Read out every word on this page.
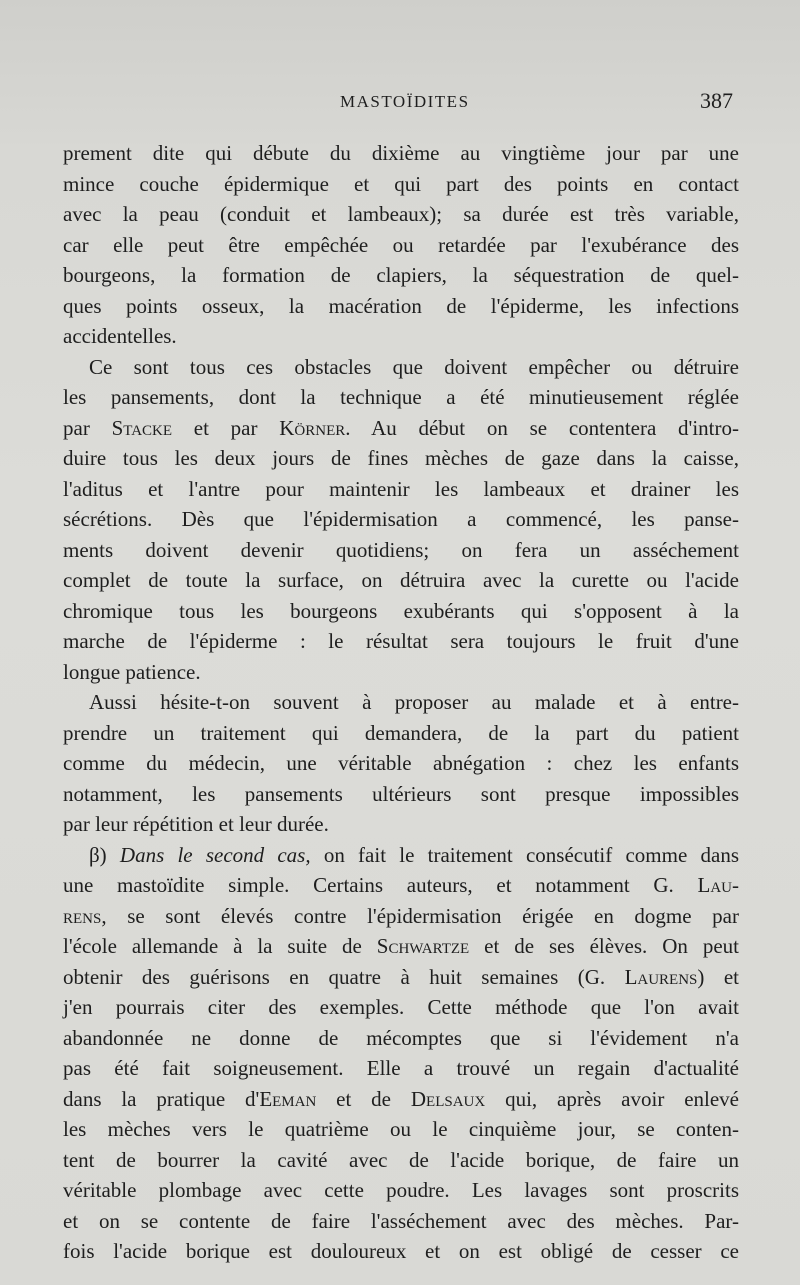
MASTOÏDITES	387
prement dite qui débute du dixième au vingtième jour par une
mince couche épidermique et qui part des points en contact
avec la peau (conduit et lambeaux); sa durée est très variable,
car elle peut être empêchée ou retardée par l'exubérance des
bourgeons, la formation de clapiers, la séquestration de quel-
ques points osseux, la macération de l'épiderme, les infections
accidentelles.
Ce sont tous ces obstacles que doivent empêcher ou détruire
les pansements, dont la technique a été minutieusement réglée
par Stacke et par Körner. Au début on se contentera d'intro-
duire tous les deux jours de fines mèches de gaze dans la caisse,
l'aditus et l'antre pour maintenir les lambeaux et drainer les
sécrétions. Dès que l'épidermisation a commencé, les panse-
ments doivent devenir quotidiens; on fera un asséchement
complet de toute la surface, on détruira avec la curette ou l'acide
chromique tous les bourgeons exubérants qui s'opposent à la
marche de l'épiderme : le résultat sera toujours le fruit d'une
longue patience.
Aussi hésite-t-on souvent à proposer au malade et à entre-
prendre un traitement qui demandera, de la part du patient
comme du médecin, une véritable abnégation : chez les enfants
notamment, les pansements ultérieurs sont presque impossibles
par leur répétition et leur durée.
β) Dans le second cas, on fait le traitement consécutif comme dans
une mastoïdite simple. Certains auteurs, et notamment G. Lau-
rens, se sont élevés contre l'épidermisation érigée en dogme par
l'école allemande à la suite de Schwartze et de ses élèves. On peut
obtenir des guérisons en quatre à huit semaines (G. Laurens) et
j'en pourrais citer des exemples. Cette méthode que l'on avait
abandonnée ne donne de mécomptes que si l'évidement n'a
pas été fait soigneusement. Elle a trouvé un regain d'actualité
dans la pratique d'Eeman et de Delsaux qui, après avoir enlevé
les mèches vers le quatrième ou le cinquième jour, se conten-
tent de bourrer la cavité avec de l'acide borique, de faire un
véritable plombage avec cette poudre. Les lavages sont proscrits
et on se contente de faire l'asséchement avec des mèches. Par-
fois l'acide borique est douloureux et on est obligé de cesser ce
